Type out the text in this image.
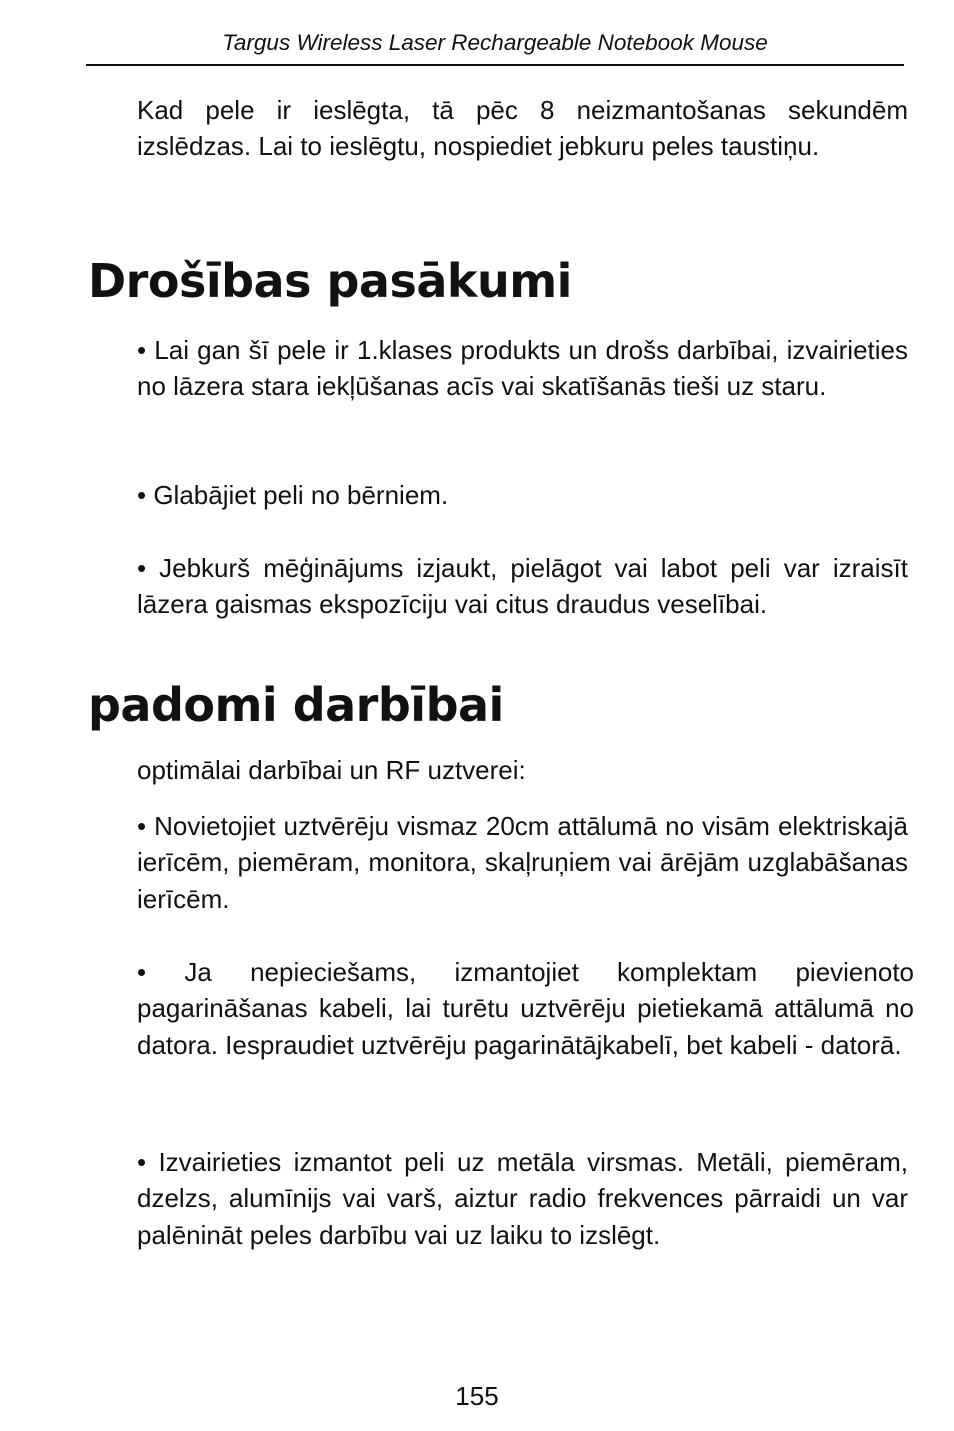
Targus Wireless Laser Rechargeable Notebook Mouse

Kad pele ir ieslēgta, tā pēc 8 neizmantošanas sekundēm izslēdzas. Lai to ieslēgtu, nospiediet jebkuru peles taustiņu.

Drošības pasākumi

• Lai gan šī pele ir 1.klases produkts un drošs darbībai, izvairieties no lāzera stara iekļūšanas acīs vai skatīšanās tieši uz staru.

• Glabājiet peli no bērniem.

• Jebkurš mēģinājums izjaukt, pielāgot vai labot peli var izraisīt lāzera gaismas ekspozīciju vai citus draudus veselībai.

padomi darbībai

optimālai darbībai un RF uztverei:

• Novietojiet uztvērēju vismaz 20cm attālumā no visām elektriskajā ierīcēm, piemēram, monitora, skaļruņiem vai ārējām uzglabāšanas ierīcēm.

• Ja nepieciešams, izmantojiet komplektam pievienoto pagarināšanas kabeli, lai turētu uztvērēju pietiekamā attālumā no datora. Iespraudiet uztvērēju pagarinātājkabelī, bet kabeli - datorā.

• Izvairieties izmantot peli uz metāla virsmas. Metāli, piemēram, dzelzs, alumīnijs vai varš, aiztur radio frekvences pārraidi un var palēnināt peles darbību vai uz laiku to izslēgt.

155
